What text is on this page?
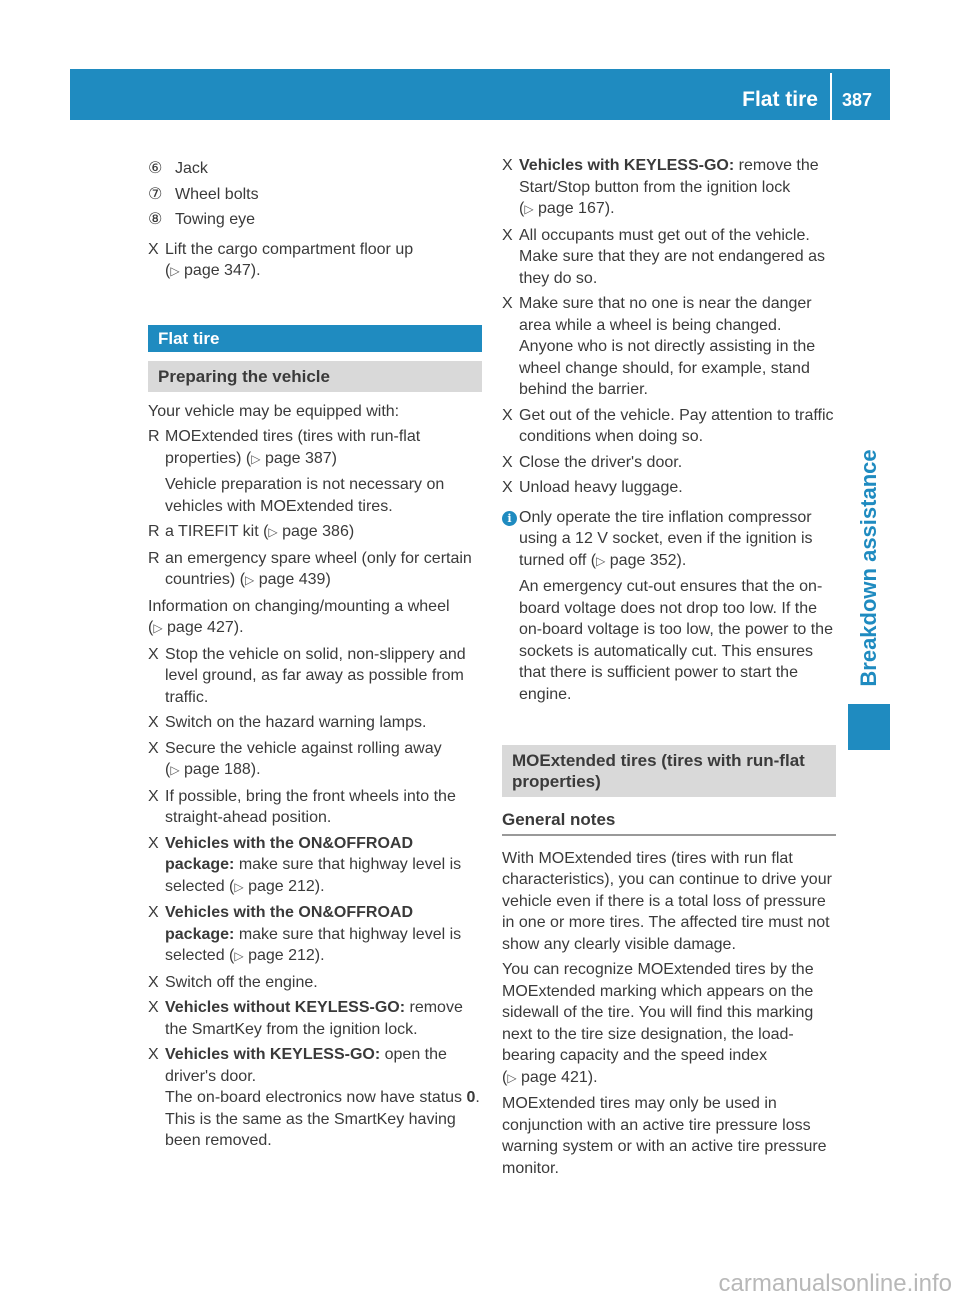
Flat tire 387
Breakdown assistance
⑥ Jack
⑦ Wheel bolts
⑧ Towing eye
X Lift the cargo compartment floor up
(▷ page 347).
Flat tire
Preparing the vehicle

Your vehicle may be equipped with:

R MOExtended tires (tires with run-flat properties) (▷ page 387)
Vehicle preparation is not necessary on vehicles with MOExtended tires.
R a TIREFIT kit (▷ page 386)
R an emergency spare wheel (only for certain countries) (▷ page 439)

Information on changing/mounting a wheel
(▷ page 427).

X Stop the vehicle on solid, non-slippery and level ground, as far away as possible from traffic.
X Switch on the hazard warning lamps.
X Secure the vehicle against rolling away
(▷ page 188).
X If possible, bring the front wheels into the straight-ahead position.
X Vehicles with the ON&OFFROAD package: make sure that highway level is selected (▷ page 212).
X Vehicles with the ON&OFFROAD package: make sure that highway level is selected (▷ page 212).
X Switch off the engine.
X Vehicles without KEYLESS-GO: remove the SmartKey from the ignition lock.
X Vehicles with KEYLESS-GO: open the driver's door.
The on-board electronics now have status 0. This is the same as the SmartKey having been removed.
X Vehicles with KEYLESS-GO: remove the Start/Stop button from the ignition lock
(▷ page 167).
X All occupants must get out of the vehicle. Make sure that they are not endangered as they do so.
X Make sure that no one is near the danger area while a wheel is being changed. Anyone who is not directly assisting in the wheel change should, for example, stand behind the barrier.
X Get out of the vehicle. Pay attention to traffic conditions when doing so.
X Close the driver's door.
X Unload heavy luggage.
i Only operate the tire inflation compressor using a 12 V socket, even if the ignition is turned off (▷ page 352).
An emergency cut-out ensures that the on-board voltage does not drop too low. If the on-board voltage is too low, the power to the sockets is automatically cut. This ensures that there is sufficient power to start the engine.
MOExtended tires (tires with run-flat properties)
General notes

With MOExtended tires (tires with run flat characteristics), you can continue to drive your vehicle even if there is a total loss of pressure in one or more tires. The affected tire must not show any clearly visible damage.

You can recognize MOExtended tires by the MOExtended marking which appears on the sidewall of the tire. You will find this marking next to the tire size designation, the load-bearing capacity and the speed index
(▷ page 421).

MOExtended tires may only be used in conjunction with an active tire pressure loss warning system or with an active tire pressure monitor.

carmanualsonline.info
